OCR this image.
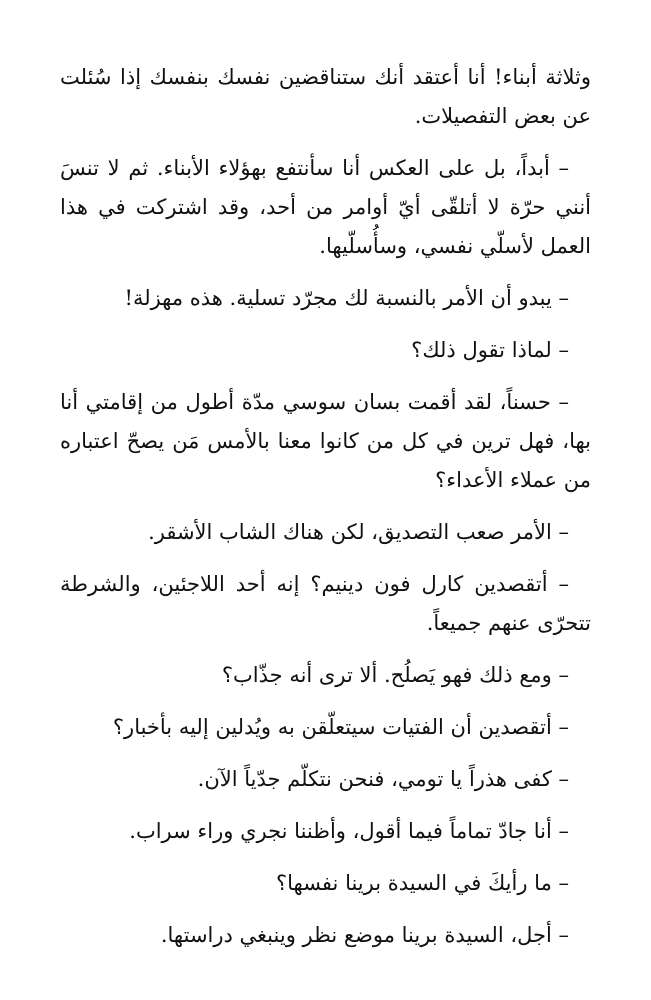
وثلاثة أبناء! أنا أعتقد أنك ستناقضين نفسك بنفسك إذا سُئلت عن بعض التفصيلات.

– أبداً، بل على العكس أنا سأنتفع بهؤلاء الأبناء. ثم لا تنسَ أنني حرّة لا أتلقّى أيّ أوامر من أحد، وقد اشتركت في هذا العمل لأسلّي نفسي، وسأُسلّيها.

– يبدو أن الأمر بالنسبة لك مجرّد تسلية. هذه مهزلة!

– لماذا تقول ذلك؟

– حسناً، لقد أقمت بسان سوسي مدّة أطول من إقامتي أنا بها، فهل ترين في كل من كانوا معنا بالأمس مَن يصحّ اعتباره من عملاء الأعداء؟

– الأمر صعب التصديق، لكن هناك الشاب الأشقر.

– أتقصدين كارل فون دينيم؟ إنه أحد اللاجئين، والشرطة تتحرّى عنهم جميعاً.

– ومع ذلك فهو يَصلُح. ألا ترى أنه جذّاب؟

– أتقصدين أن الفتيات سيتعلّقن به ويُدلين إليه بأخبار؟

– كفى هذراً يا تومي، فنحن نتكلّم جدّياً الآن.

– أنا جادّ تماماً فيما أقول، وأظننا نجري وراء سراب.

– ما رأيكَ في السيدة برينا نفسها؟

– أجل، السيدة برينا موضع نظر وينبغي دراستها.
